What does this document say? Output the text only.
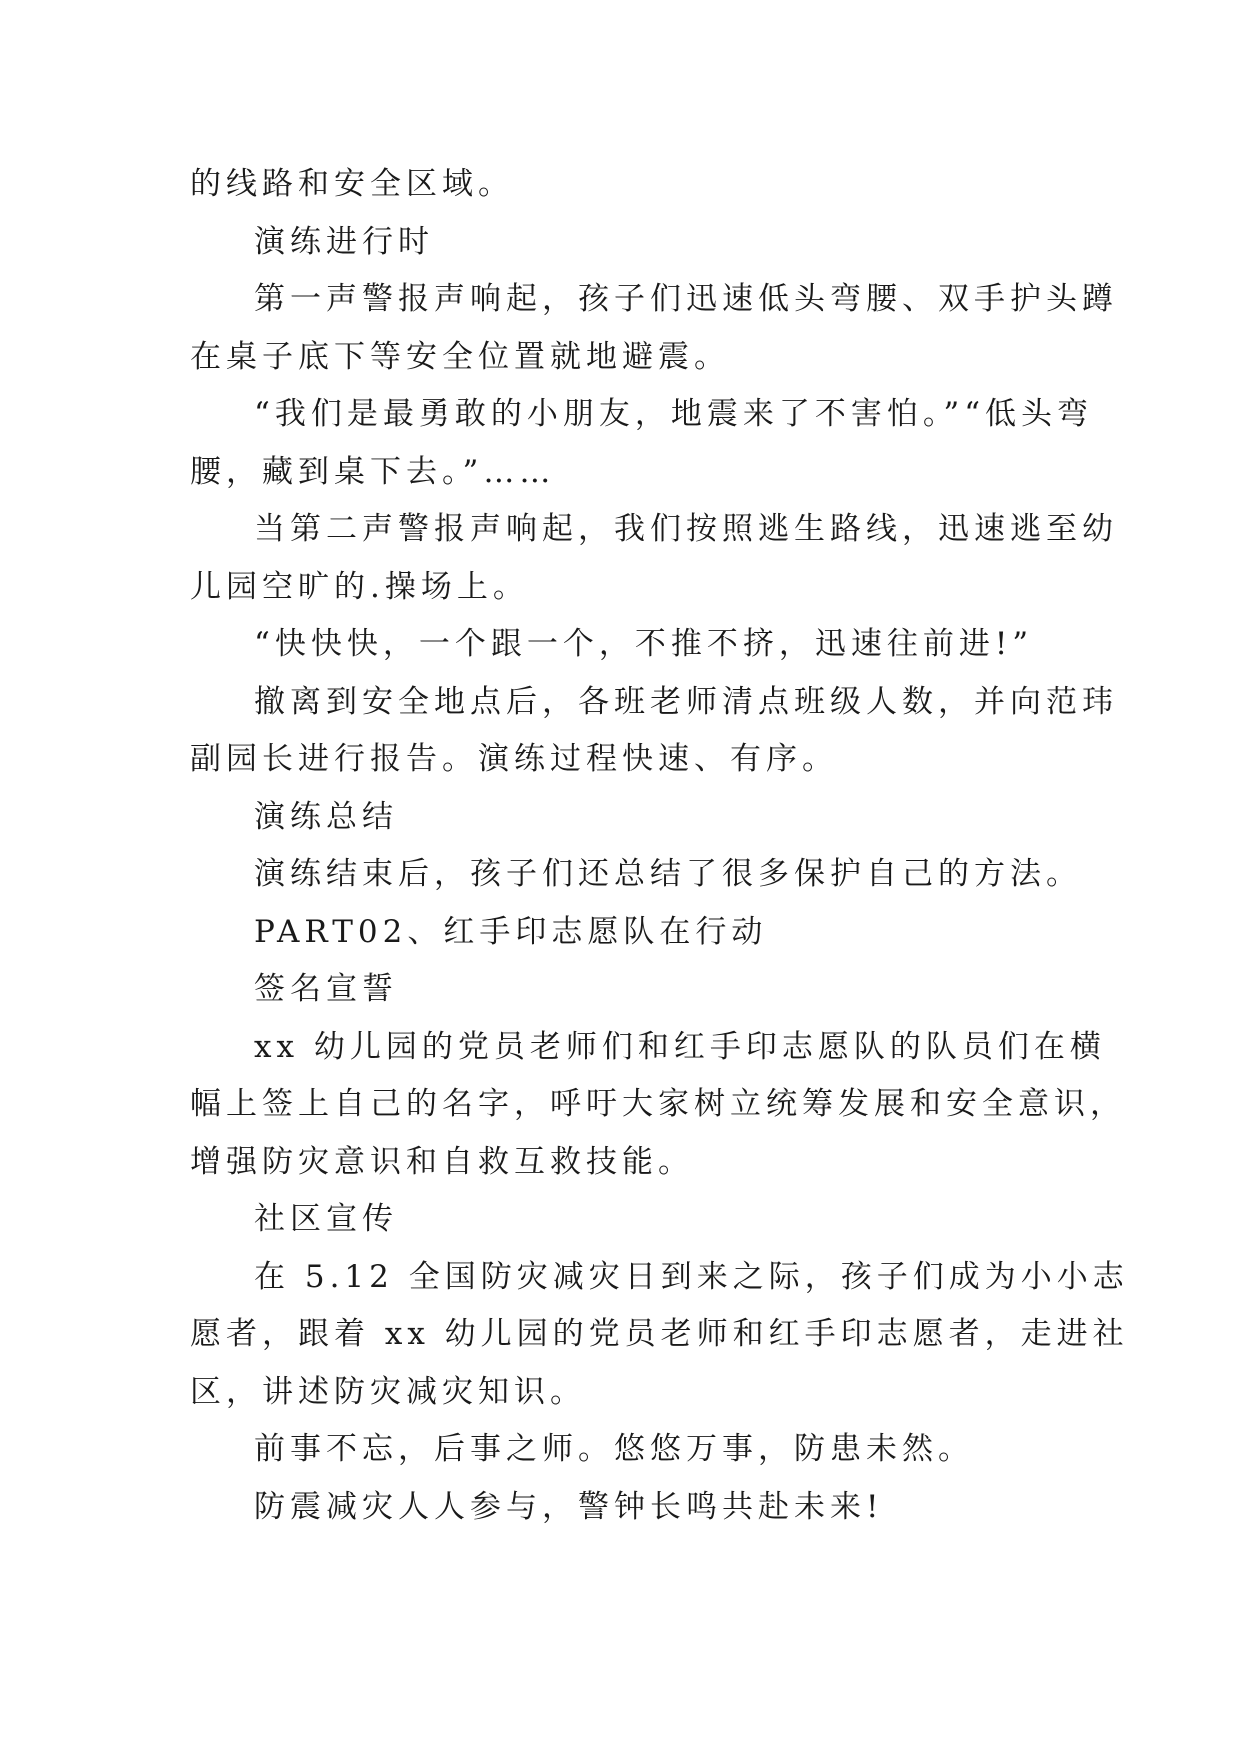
的线路和安全区域。
演练进行时
第一声警报声响起，孩子们迅速低头弯腰、双手护头蹲
在桌子底下等安全位置就地避震。
“我们是最勇敢的小朋友，地震来了不害怕。”“低头弯
腰，藏到桌下去。”……
当第二声警报声响起，我们按照逃生路线，迅速逃至幼
儿园空旷的.操场上。
“快快快，一个跟一个，不推不挤，迅速往前进!”
撤离到安全地点后，各班老师清点班级人数，并向范玮
副园长进行报告。演练过程快速、有序。
演练总结
演练结束后，孩子们还总结了很多保护自己的方法。
PART02、红手印志愿队在行动
签名宣誓
xx 幼儿园的党员老师们和红手印志愿队的队员们在横
幅上签上自己的名字，呼吁大家树立统筹发展和安全意识，
增强防灾意识和自救互救技能。
社区宣传
在 5.12 全国防灾减灾日到来之际，孩子们成为小小志
愿者，跟着 xx 幼儿园的党员老师和红手印志愿者，走进社
区，讲述防灾减灾知识。
前事不忘，后事之师。悠悠万事，防患未然。
防震减灾人人参与，警钟长鸣共赴未来!
